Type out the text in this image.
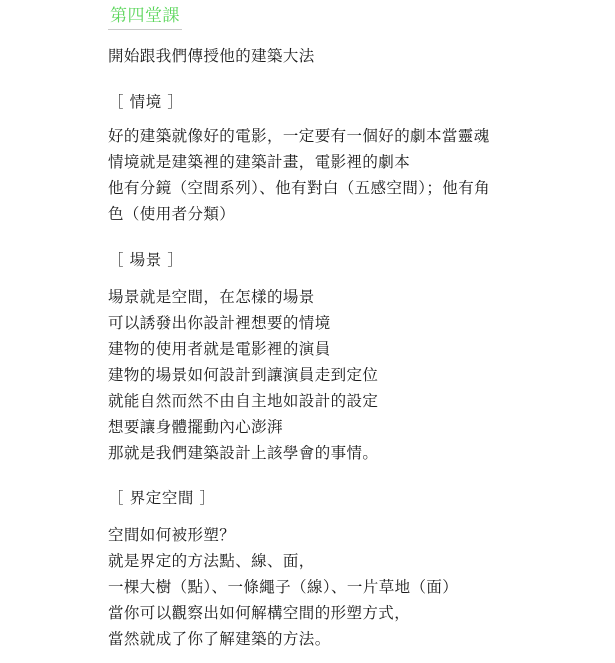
第四堂課
開始跟我們傳授他的建築大法
［ 情境 ］
好的建築就像好的電影，一定要有一個好的劇本當靈魂
情境就是建築裡的建築計畫，電影裡的劇本
他有分鏡（空間系列）、他有對白（五感空間）；他有角
色（使用者分類）
［ 場景 ］
場景就是空間，在怎樣的場景
可以誘發出你設計裡想要的情境
建物的使用者就是電影裡的演員
建物的場景如何設計到讓演員走到定位
就能自然而然不由自主地如設計的設定
想要讓身體擺動內心澎湃
那就是我們建築設計上該學會的事情。
［ 界定空間 ］
空間如何被形塑？
就是界定的方法點、線、面，
一棵大樹（點）、一條繩子（線）、一片草地（面）
當你可以觀察出如何解構空間的形塑方式，
當然就成了你了解建築的方法。
